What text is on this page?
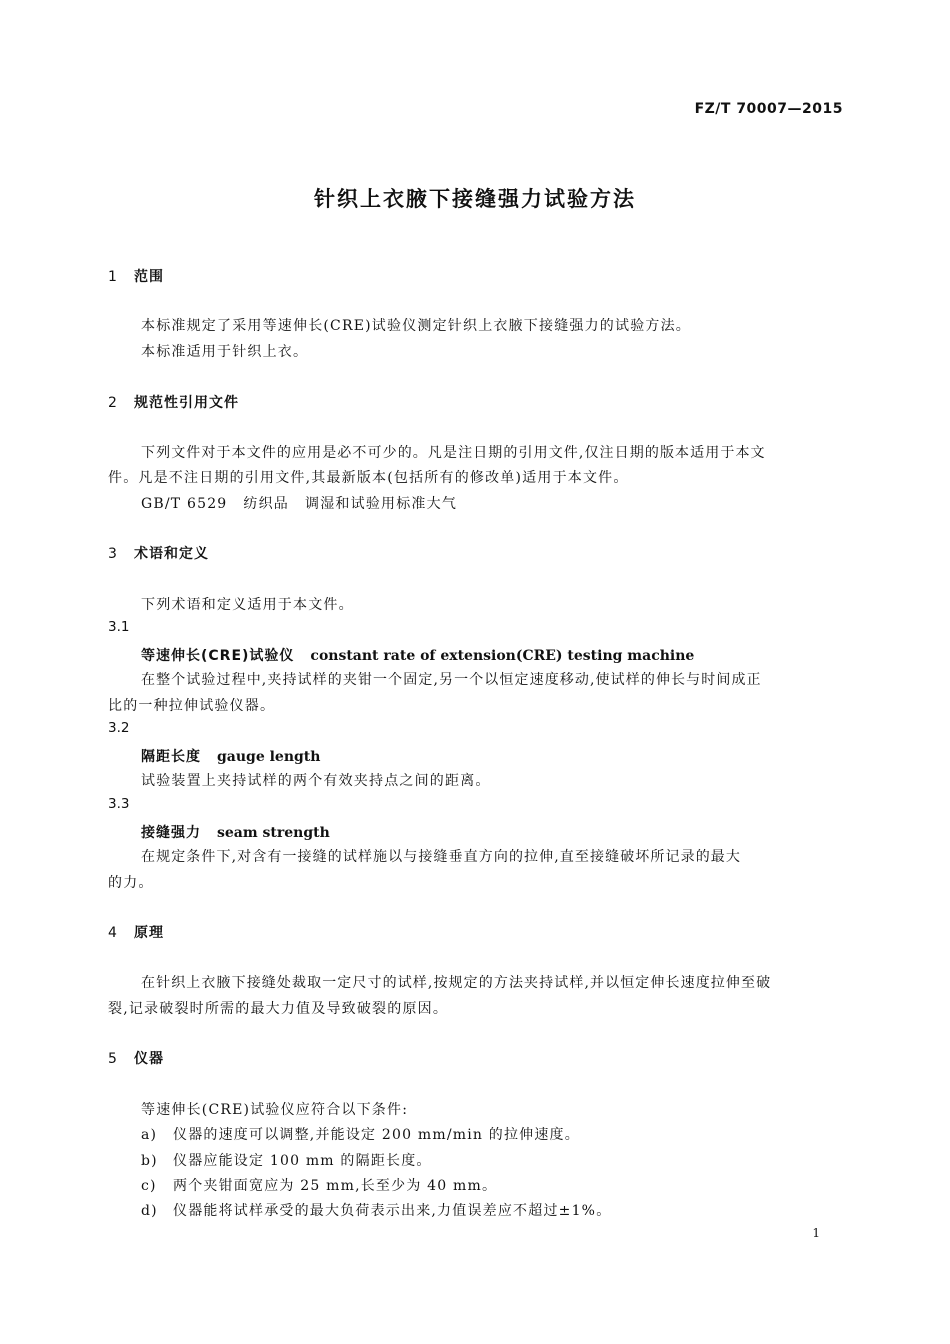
FZ/T 70007—2015
针织上衣腋下接缝强力试验方法
1 范围
本标准规定了采用等速伸长(CRE)试验仪测定针织上衣腋下接缝强力的试验方法。
本标准适用于针织上衣。
2 规范性引用文件
下列文件对于本文件的应用是必不可少的。凡是注日期的引用文件,仅注日期的版本适用于本文
件。凡是不注日期的引用文件,其最新版本(包括所有的修改单)适用于本文件。
GB/T 6529 纺织品 调湿和试验用标准大气
3 术语和定义
下列术语和定义适用于本文件。
3.1
等速伸长(CRE)试验仪 constant rate of extension(CRE) testing machine
在整个试验过程中,夹持试样的夹钳一个固定,另一个以恒定速度移动,使试样的伸长与时间成正
比的一种拉伸试验仪器。
3.2
隔距长度 gauge length
试验装置上夹持试样的两个有效夹持点之间的距离。
3.3
接缝强力 seam strength
在规定条件下,对含有一接缝的试样施以与接缝垂直方向的拉伸,直至接缝破坏所记录的最大
的力。
4 原理
在针织上衣腋下接缝处裁取一定尺寸的试样,按规定的方法夹持试样,并以恒定伸长速度拉伸至破
裂,记录破裂时所需的最大力值及导致破裂的原因。
5 仪器
等速伸长(CRE)试验仪应符合以下条件:
a) 仪器的速度可以调整,并能设定 200 mm/min 的拉伸速度。
b) 仪器应能设定 100 mm 的隔距长度。
c) 两个夹钳面宽应为 25 mm,长至少为 40 mm。
d) 仪器能将试样承受的最大负荷表示出来,力值误差应不超过±1%。
1
